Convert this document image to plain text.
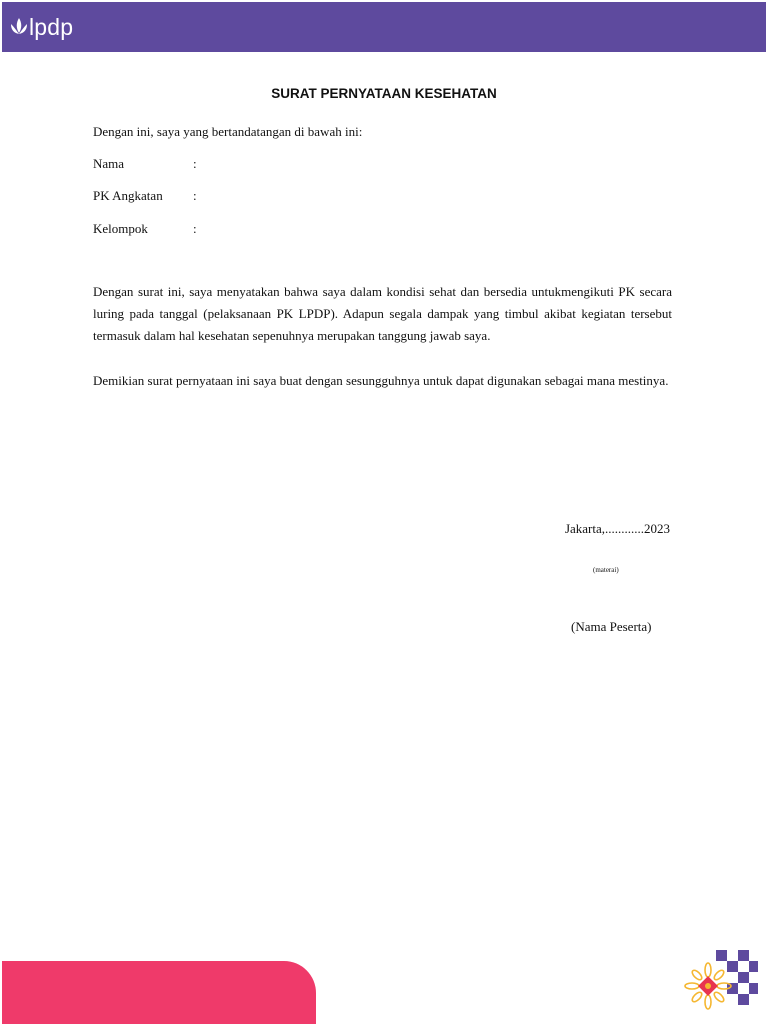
lpdp
SURAT PERNYATAAN KESEHATAN
Dengan ini, saya yang bertandatangan di bawah ini:
Nama	:
PK Angkatan :
Kelompok	:
Dengan surat ini, saya menyatakan bahwa saya dalam kondisi sehat dan bersedia untukmengikuti PK secara luring pada tanggal (pelaksanaan PK LPDP). Adapun segala dampak yang timbul akibat kegiatan tersebut termasuk dalam hal kesehatan sepenuhnya merupakan tanggung jawab saya.
Demikian surat pernyataan ini saya buat dengan sesungguhnya untuk dapat digunakan sebagai mana mestinya.
Jakarta,............2023
(materai)
(Nama Peserta)
